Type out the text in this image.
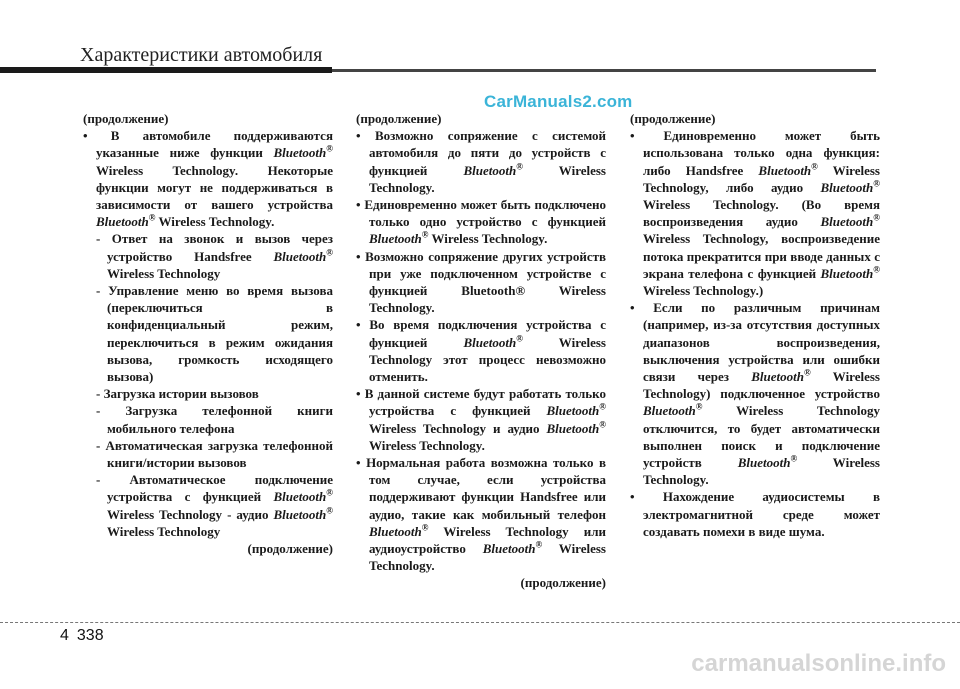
Характеристики автомобиля
CarManuals2.com
(продолжение)
• В автомобиле поддерживаются указанные ниже функции Bluetooth® Wireless Technology. Некоторые функции могут не поддерживаться в зависимости от вашего устройства Bluetooth® Wireless Technology.
- Ответ на звонок и вызов через устройство Handsfree Bluetooth® Wireless Technology
- Управление меню во время вызова (переключиться в конфиденциальный режим, переключиться в режим ожидания вызова, громкость исходящего вызова)
- Загрузка истории вызовов
- Загрузка телефонной книги мобильного телефона
- Автоматическая загрузка телефонной книги/истории вызовов
- Автоматическое подключение устройства с функцией Bluetooth® Wireless Technology - аудио Bluetooth® Wireless Technology
(продолжение)
(продолжение)
• Возможно сопряжение с системой автомобиля до пяти до устройств с функцией Bluetooth® Wireless Technology.
• Единовременно может быть подключено только одно устройство с функцией Bluetooth® Wireless Technology.
• Возможно сопряжение других устройств при уже подключенном устройстве с функцией Bluetooth® Wireless Technology.
• Во время подключения устройства с функцией Bluetooth® Wireless Technology этот процесс невозможно отменить.
• В данной системе будут работать только устройства с функцией Bluetooth® Wireless Technology и аудио Bluetooth® Wireless Technology.
• Нормальная работа возможна только в том случае, если устройства поддерживают функции Handsfree или аудио, такие как мобильный телефон Bluetooth® Wireless Technology или аудиоустройство Bluetooth® Wireless Technology.
(продолжение)
(продолжение)
• Единовременно может быть использована только одна функция: либо Handsfree Bluetooth® Wireless Technology, либо аудио Bluetooth® Wireless Technology. (Во время воспроизведения аудио Bluetooth® Wireless Technology, воспроизведение потока прекратится при вводе данных с экрана телефона с функцией Bluetooth® Wireless Technology.)
• Если по различным причинам (например, из-за отсутствия доступных диапазонов воспроизведения, выключения устройства или ошибки связи через Bluetooth® Wireless Technology) подключенное устройство Bluetooth® Wireless Technology отключится, то будет автоматически выполнен поиск и подключение устройств Bluetooth® Wireless Technology.
• Нахождение аудиосистемы в электромагнитной среде может создавать помехи в виде шума.
4 338
carmanualsonline.info
